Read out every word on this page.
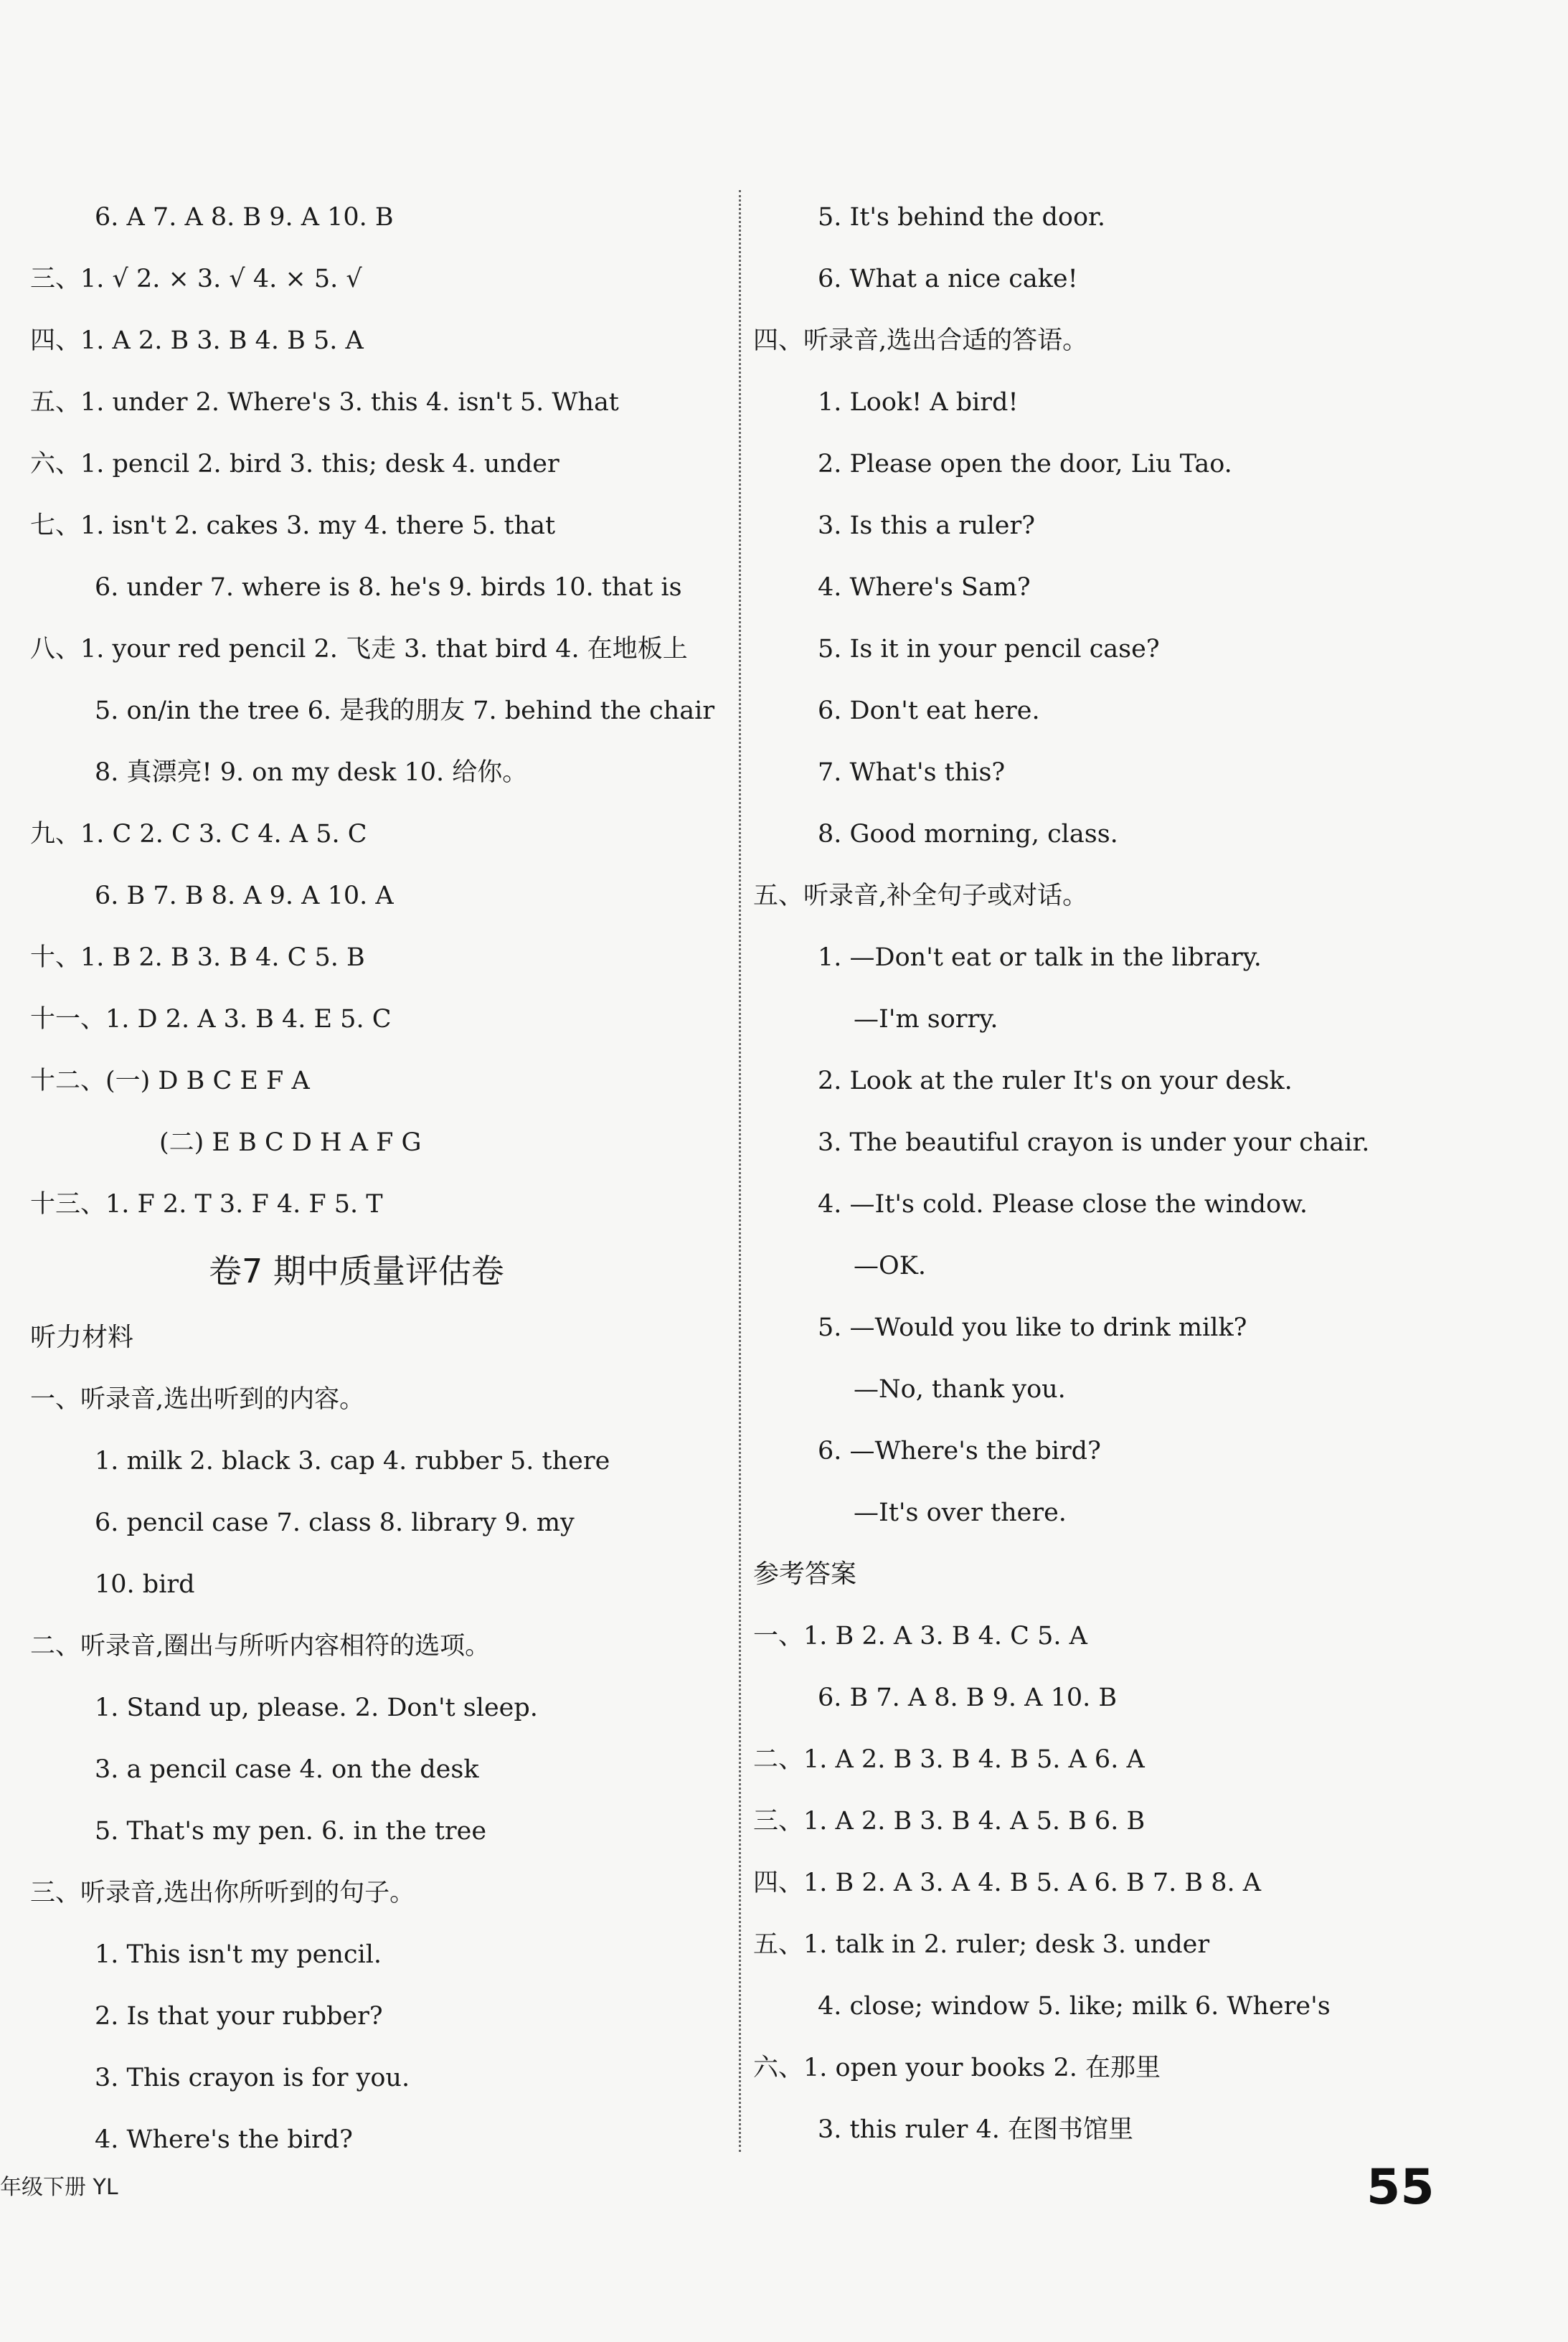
6. A 7. A 8. B 9. A 10. B
三、1. √ 2. × 3. √ 4. × 5. √
四、1. A 2. B 3. B 4. B 5. A
五、1. under 2. Where's 3. this 4. isn't 5. What
六、1. pencil 2. bird 3. this; desk 4. under
七、1. isn't 2. cakes 3. my 4. there 5. that
6. under 7. where is 8. he's 9. birds 10. that is
八、1. your red pencil 2. 飞走 3. that bird 4. 在地板上
5. on/in the tree 6. 是我的朋友 7. behind the chair
8. 真漂亮! 9. on my desk 10. 给你。
九、1. C 2. C 3. C 4. A 5. C
6. B 7. B 8. A 9. A 10. A
十、1. B 2. B 3. B 4. C 5. B
十一、1. D 2. A 3. B 4. E 5. C
十二、(一) D B C E F A
(二) E B C D H A F G
十三、1. F 2. T 3. F 4. F 5. T
卷7 期中质量评估卷
听力材料
一、听录音,选出听到的内容。
1. milk 2. black 3. cap 4. rubber 5. there
6. pencil case 7. class 8. library 9. my
10. bird
二、听录音,圈出与所听内容相符的选项。
1. Stand up, please. 2. Don't sleep.
3. a pencil case 4. on the desk
5. That's my pen. 6. in the tree
三、听录音,选出你所听到的句子。
1. This isn't my pencil.
2. Is that your rubber?
3. This crayon is for you.
4. Where's the bird?
5. It's behind the door.
6. What a nice cake!
四、听录音,选出合适的答语。
1. Look! A bird!
2. Please open the door, Liu Tao.
3. Is this a ruler?
4. Where's Sam?
5. Is it in your pencil case?
6. Don't eat here.
7. What's this?
8. Good morning, class.
五、听录音,补全句子或对话。
1. —Don't eat or talk in the library.
—I'm sorry.
2. Look at the ruler It's on your desk.
3. The beautiful crayon is under your chair.
4. —It's cold. Please close the window.
—OK.
5. —Would you like to drink milk?
—No, thank you.
6. —Where's the bird?
—It's over there.
参考答案
一、1. B 2. A 3. B 4. C 5. A
6. B 7. A 8. B 9. A 10. B
二、1. A 2. B 3. B 4. B 5. A 6. A
三、1. A 2. B 3. B 4. A 5. B 6. B
四、1. B 2. A 3. A 4. B 5. A 6. B 7. B 8. A
五、1. talk in 2. ruler; desk 3. under
4. close; window 5. like; milk 6. Where's
六、1. open your books 2. 在那里
3. this ruler 4. 在图书馆里
年级下册 YL	55
